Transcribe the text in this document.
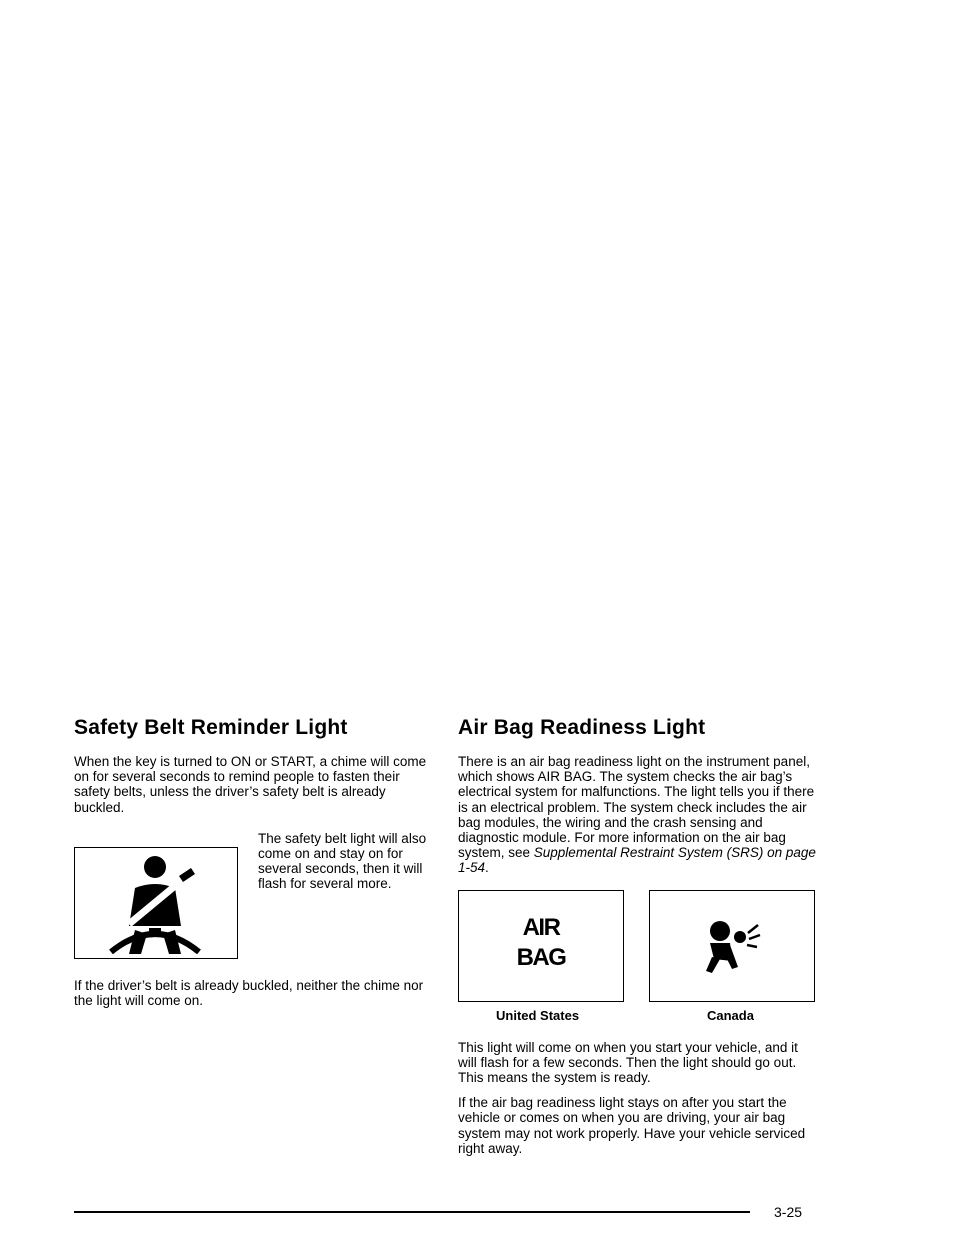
Safety Belt Reminder Light

When the key is turned to ON or START, a chime will come on for several seconds to remind people to fasten their safety belts, unless the driver’s safety belt is already buckled.

The safety belt light will also come on and stay on for several seconds, then it will flash for several more.

If the driver’s belt is already buckled, neither the chime nor the light will come on.

Air Bag Readiness Light

There is an air bag readiness light on the instrument panel, which shows AIR BAG. The system checks the air bag’s electrical system for malfunctions. The light tells you if there is an electrical problem. The system check includes the air bag modules, the wiring and the crash sensing and diagnostic module. For more information on the air bag system, see Supplemental Restraint System (SRS) on page 1-54.

AIR
BAG
United States	Canada

This light will come on when you start your vehicle, and it will flash for a few seconds. Then the light should go out. This means the system is ready.

If the air bag readiness light stays on after you start the vehicle or comes on when you are driving, your air bag system may not work properly. Have your vehicle serviced right away.

3-25
